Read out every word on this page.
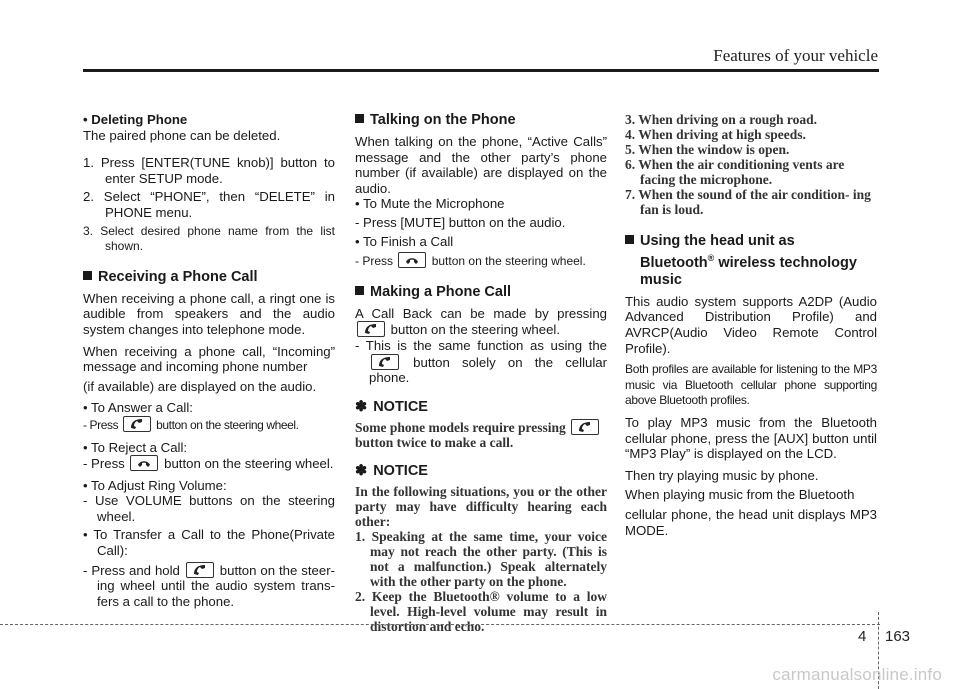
Features of your vehicle
• Deleting Phone
The paired phone can be deleted.
1. Press [ENTER(TUNE knob)] button to enter SETUP mode.
2. Select “PHONE”, then “DELETE” in PHONE menu.
3. Select desired phone name from the list shown.
Receiving a Phone Call
When receiving a phone call, a ringt one is audible from speakers and the audio system changes into telephone mode.
When receiving a phone call, “Incoming” message and incoming phone number
(if available) are displayed on the audio.
• To Answer a Call:
- Press	button on the steering wheel.
• To Reject a Call:
- Press	button on the steering wheel.
• To Adjust Ring Volume:
- Use VOLUME buttons on the steering wheel.
• To Transfer a Call to the Phone(Private Call):
- Press and hold	button on the steer- ing wheel until the audio system trans- fers a call to the phone.
Talking on the Phone
When talking on the phone, “Active Calls” message and the other party’s phone number (if available) are displayed on the audio.
• To Mute the Microphone
- Press [MUTE] button on the audio.
• To Finish a Call
- Press	button on the steering wheel.
Making a Phone Call
A Call Back can be made by pressing
button on the steering wheel.
- This is the same function as using the
button solely on the cellular phone.
✽ NOTICE
Some phone models require pressing
button twice to make a call.
✽ NOTICE
In the following situations, you or the other party may have difficulty hearing each other:
1. Speaking at the same time, your voice may not reach the other party. (This is not a malfunction.) Speak alternately with the other party on the phone.
2. Keep the Bluetooth® volume to a low level. High-level volume may result in distortion and echo.
3. When driving on a rough road.
4. When driving at high speeds.
5. When the window is open.
6. When the air conditioning vents are facing the microphone.
7. When the sound of the air condition- ing fan is loud.
Using the head unit as
Bluetooth® wireless technology
music
This audio system supports A2DP (Audio Advanced Distribution Profile) and AVRCP(Audio Video Remote Control Profile).
Both profiles are available for listening to the MP3 music via Bluetooth cellular phone supporting above Bluetooth profiles.
To play MP3 music from the Bluetooth cellular phone, press the [AUX] button until “MP3 Play” is displayed on the LCD.
Then try playing music by phone.
When playing music from the Bluetooth
cellular phone, the head unit displays MP3 MODE.
4 163
carmanualsonline.info
